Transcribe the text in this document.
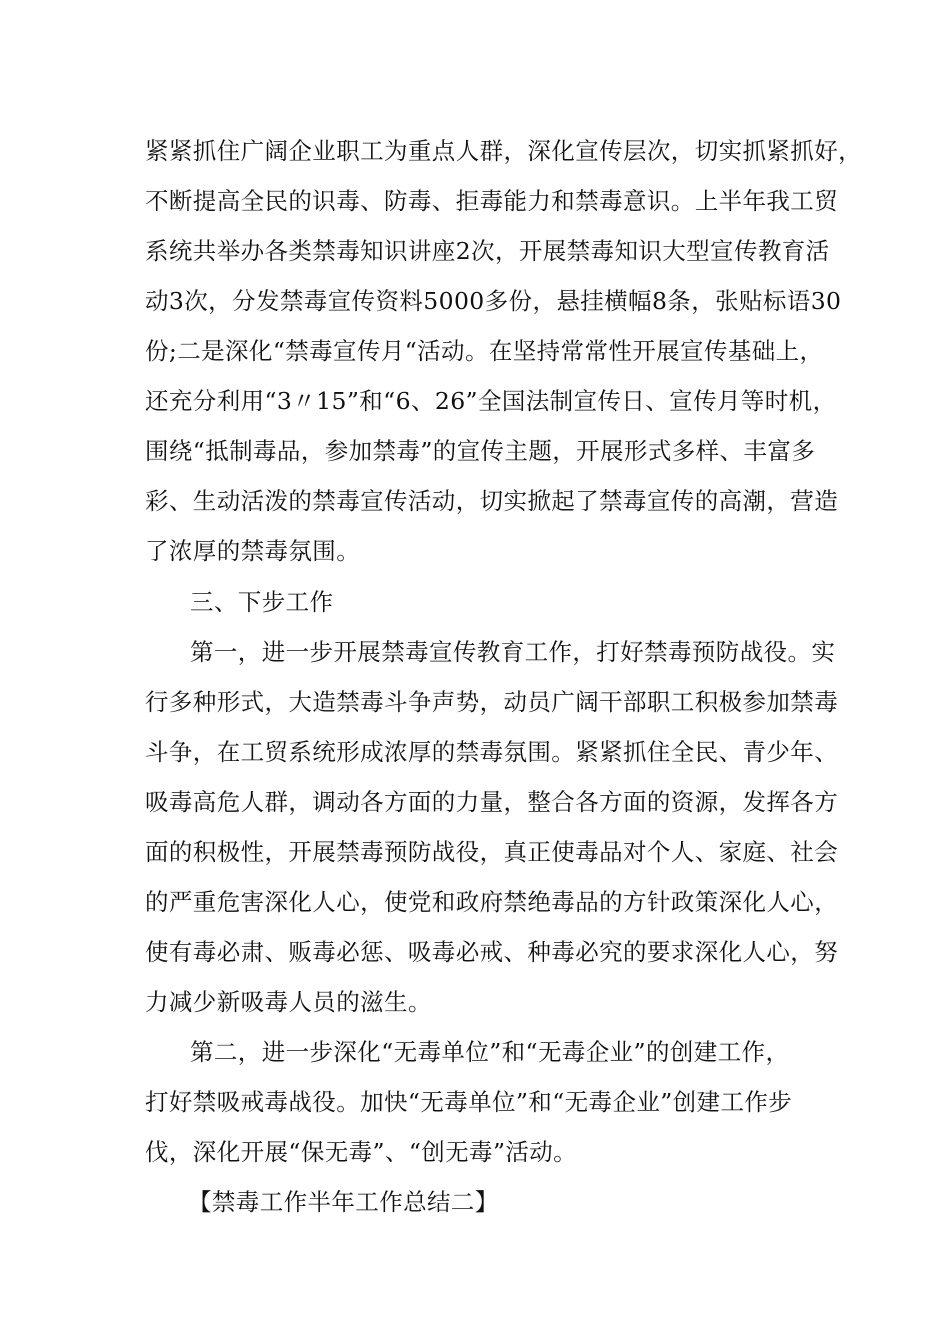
紧紧抓住广阔企业职工为重点人群，深化宣传层次，切实抓紧抓好，
不断提高全民的识毒、防毒、拒毒能力和禁毒意识。上半年我工贸
系统共举办各类禁毒知识讲座2次，开展禁毒知识大型宣传教育活
动3次，分发禁毒宣传资料5000多份，悬挂横幅8条，张贴标语30
份;二是深化“禁毒宣传月“活动。在坚持常常性开展宣传基础上，
还充分利用“3〃15”和“6、26”全国法制宣传日、宣传月等时机，
围绕“抵制毒品，参加禁毒”的宣传主题，开展形式多样、丰富多
彩、生动活泼的禁毒宣传活动，切实掀起了禁毒宣传的高潮，营造
了浓厚的禁毒氛围。
三、下步工作
第一，进一步开展禁毒宣传教育工作，打好禁毒预防战役。实
行多种形式，大造禁毒斗争声势，动员广阔干部职工积极参加禁毒
斗争，在工贸系统形成浓厚的禁毒氛围。紧紧抓住全民、青少年、
吸毒高危人群，调动各方面的力量，整合各方面的资源，发挥各方
面的积极性，开展禁毒预防战役，真正使毒品对个人、家庭、社会
的严重危害深化人心，使党和政府禁绝毒品的方针政策深化人心，
使有毒必肃、贩毒必惩、吸毒必戒、种毒必究的要求深化人心，努
力减少新吸毒人员的滋生。
第二，进一步深化“无毒单位”和“无毒企业”的创建工作，
打好禁吸戒毒战役。加快“无毒单位”和“无毒企业”创建工作步
伐，深化开展“保无毒”、“创无毒”活动。
【禁毒工作半年工作总结二】
